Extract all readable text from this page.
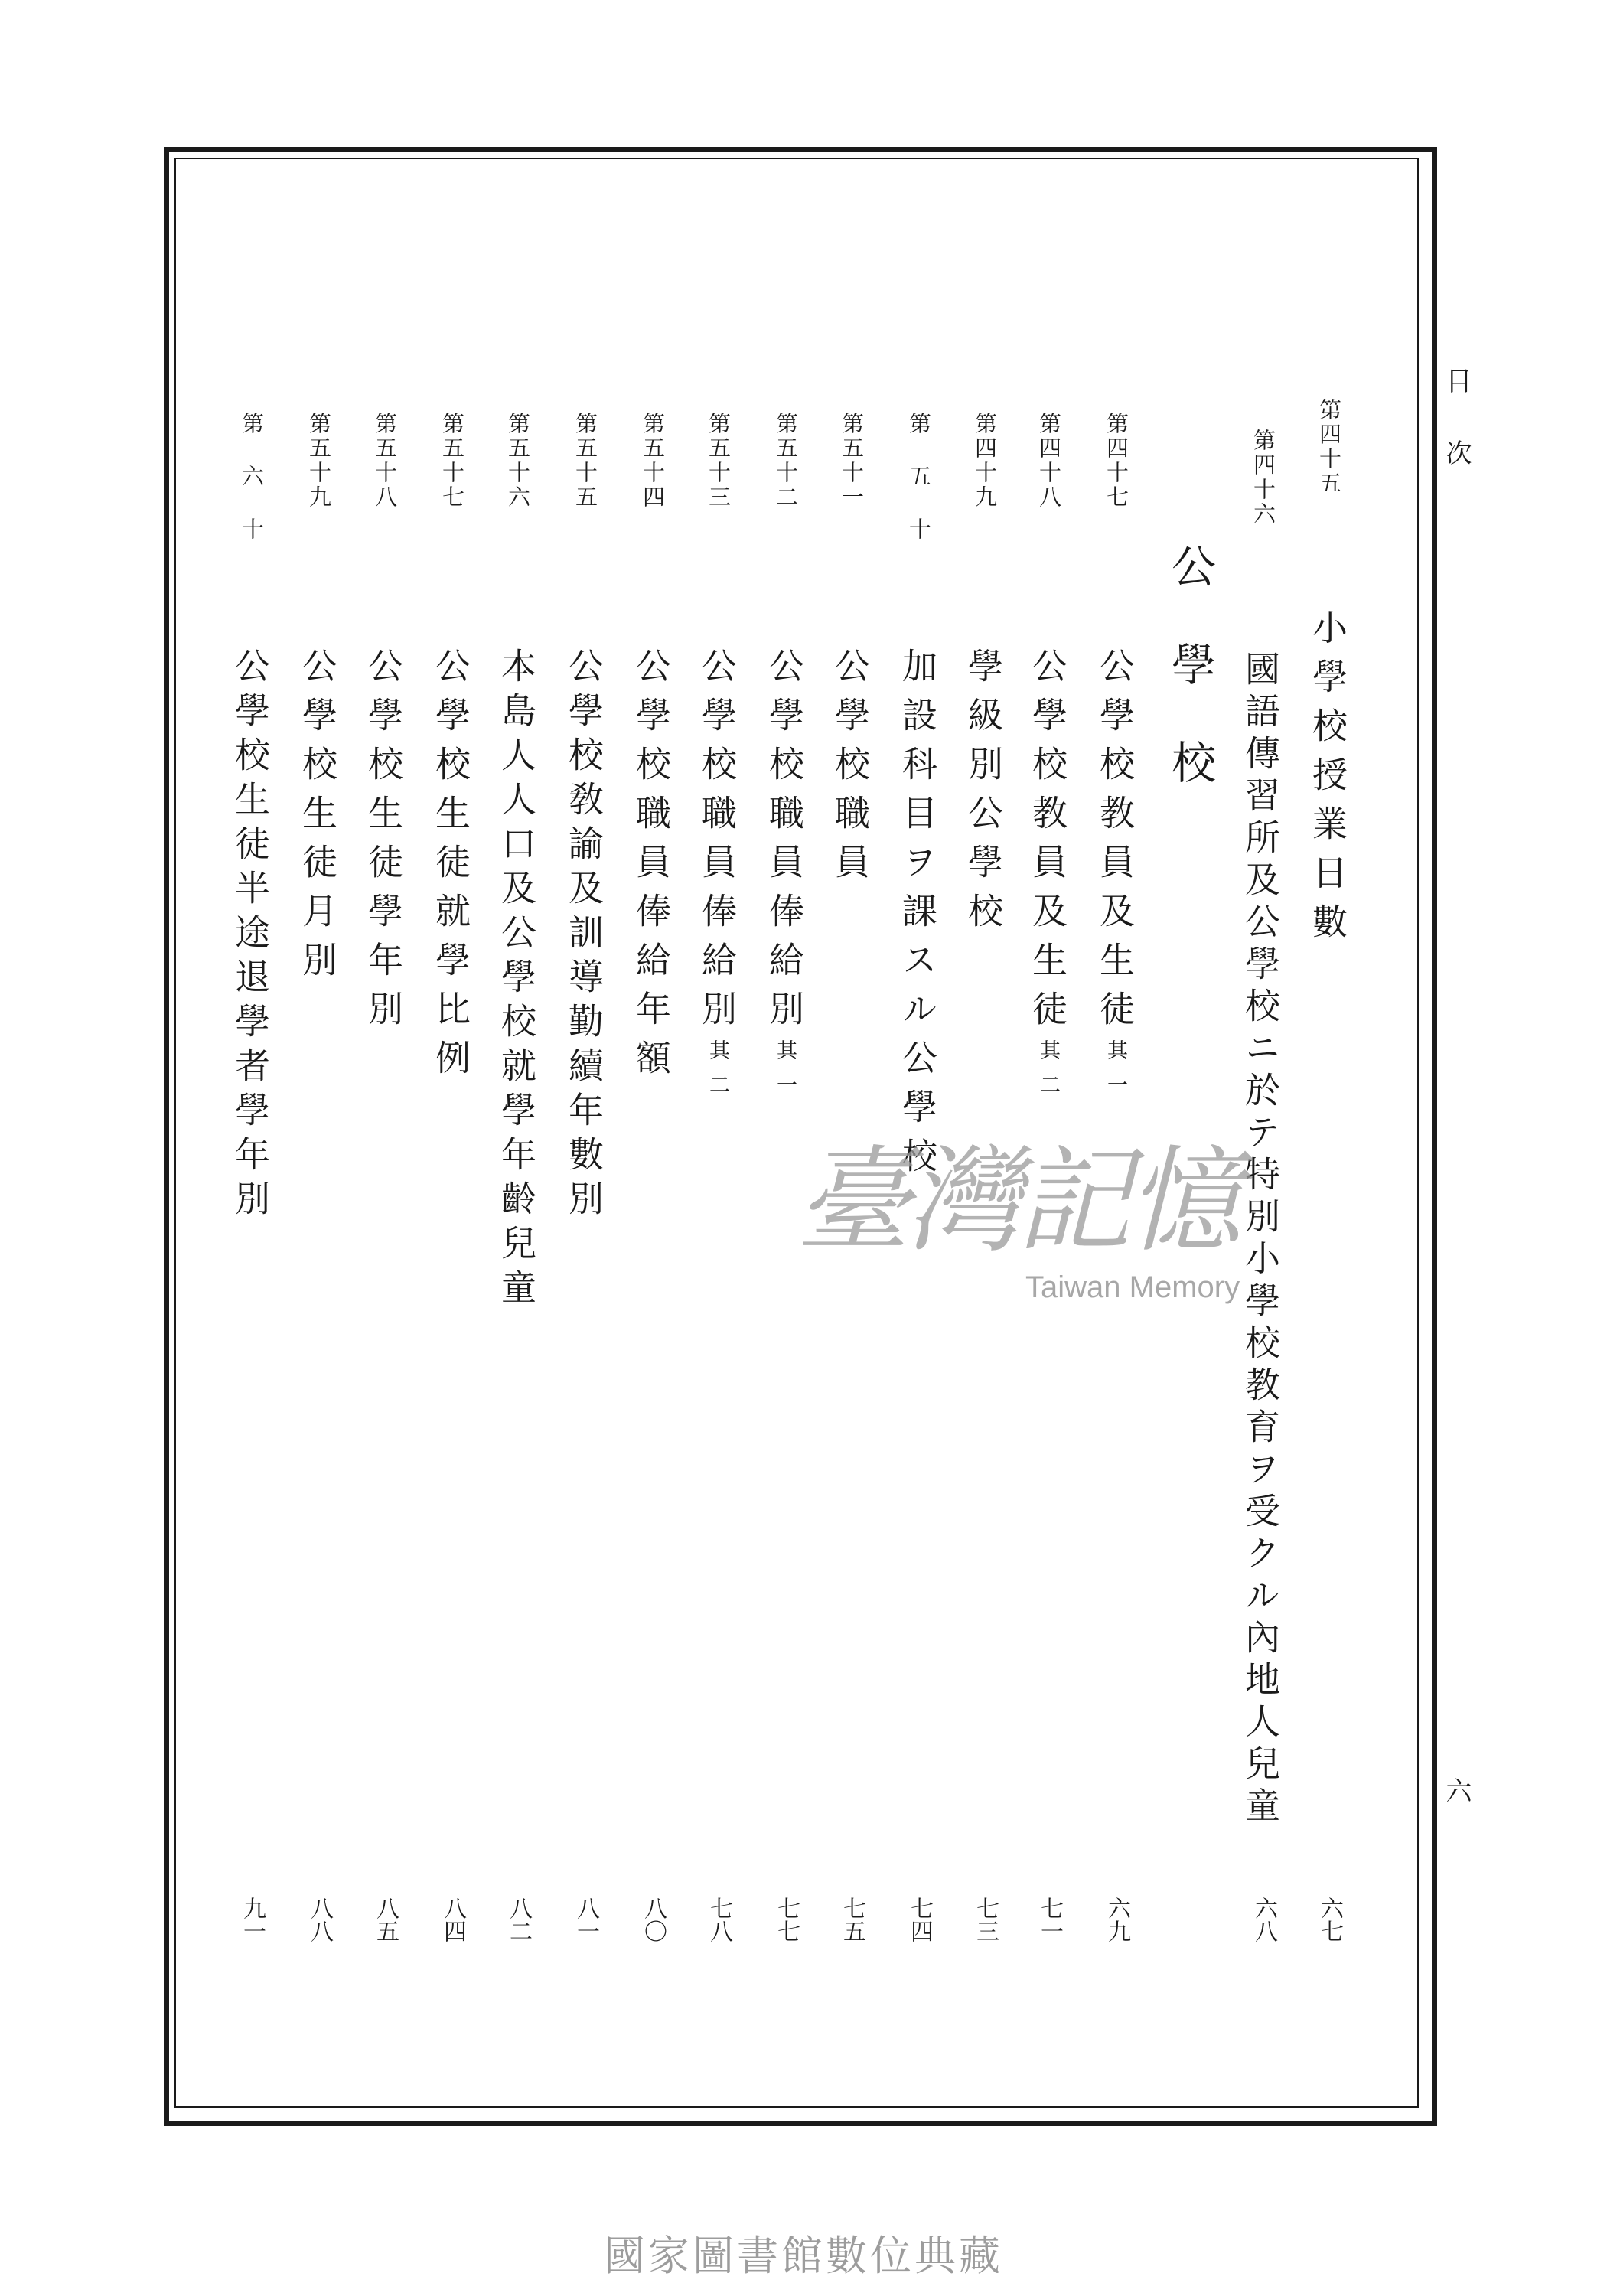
目次
六
第四十五
小學校授業日數
六七
第四十六
國語傳習所及公學校ニ於テ特別小學校教育ヲ受クル內地人兒童
六八
公學校
第四十七
公學校教員及生徒其一
六九
第四十八
公學校教員及生徒其二
七一
第四十九
學級別公學校
七三
第五十
加設科目ヲ課スル公學校
七四
第五十一
公學校職員
七五
第五十二
公學校職員俸給別其一
七七
第五十三
公學校職員俸給別其二
七八
第五十四
公學校職員俸給年額
八〇
第五十五
公學校敎諭及訓導勤續年數別
八一
第五十六
本島人人口及公學校就學年齡兒童
八二
第五十七
公學校生徒就學比例
八四
第五十八
公學校生徒學年別
八五
第五十九
公學校生徒月別
八八
第六十
公學校生徒半途退學者學年別
九一
臺灣記憶
Taiwan Memory
國家圖書館數位典藏
